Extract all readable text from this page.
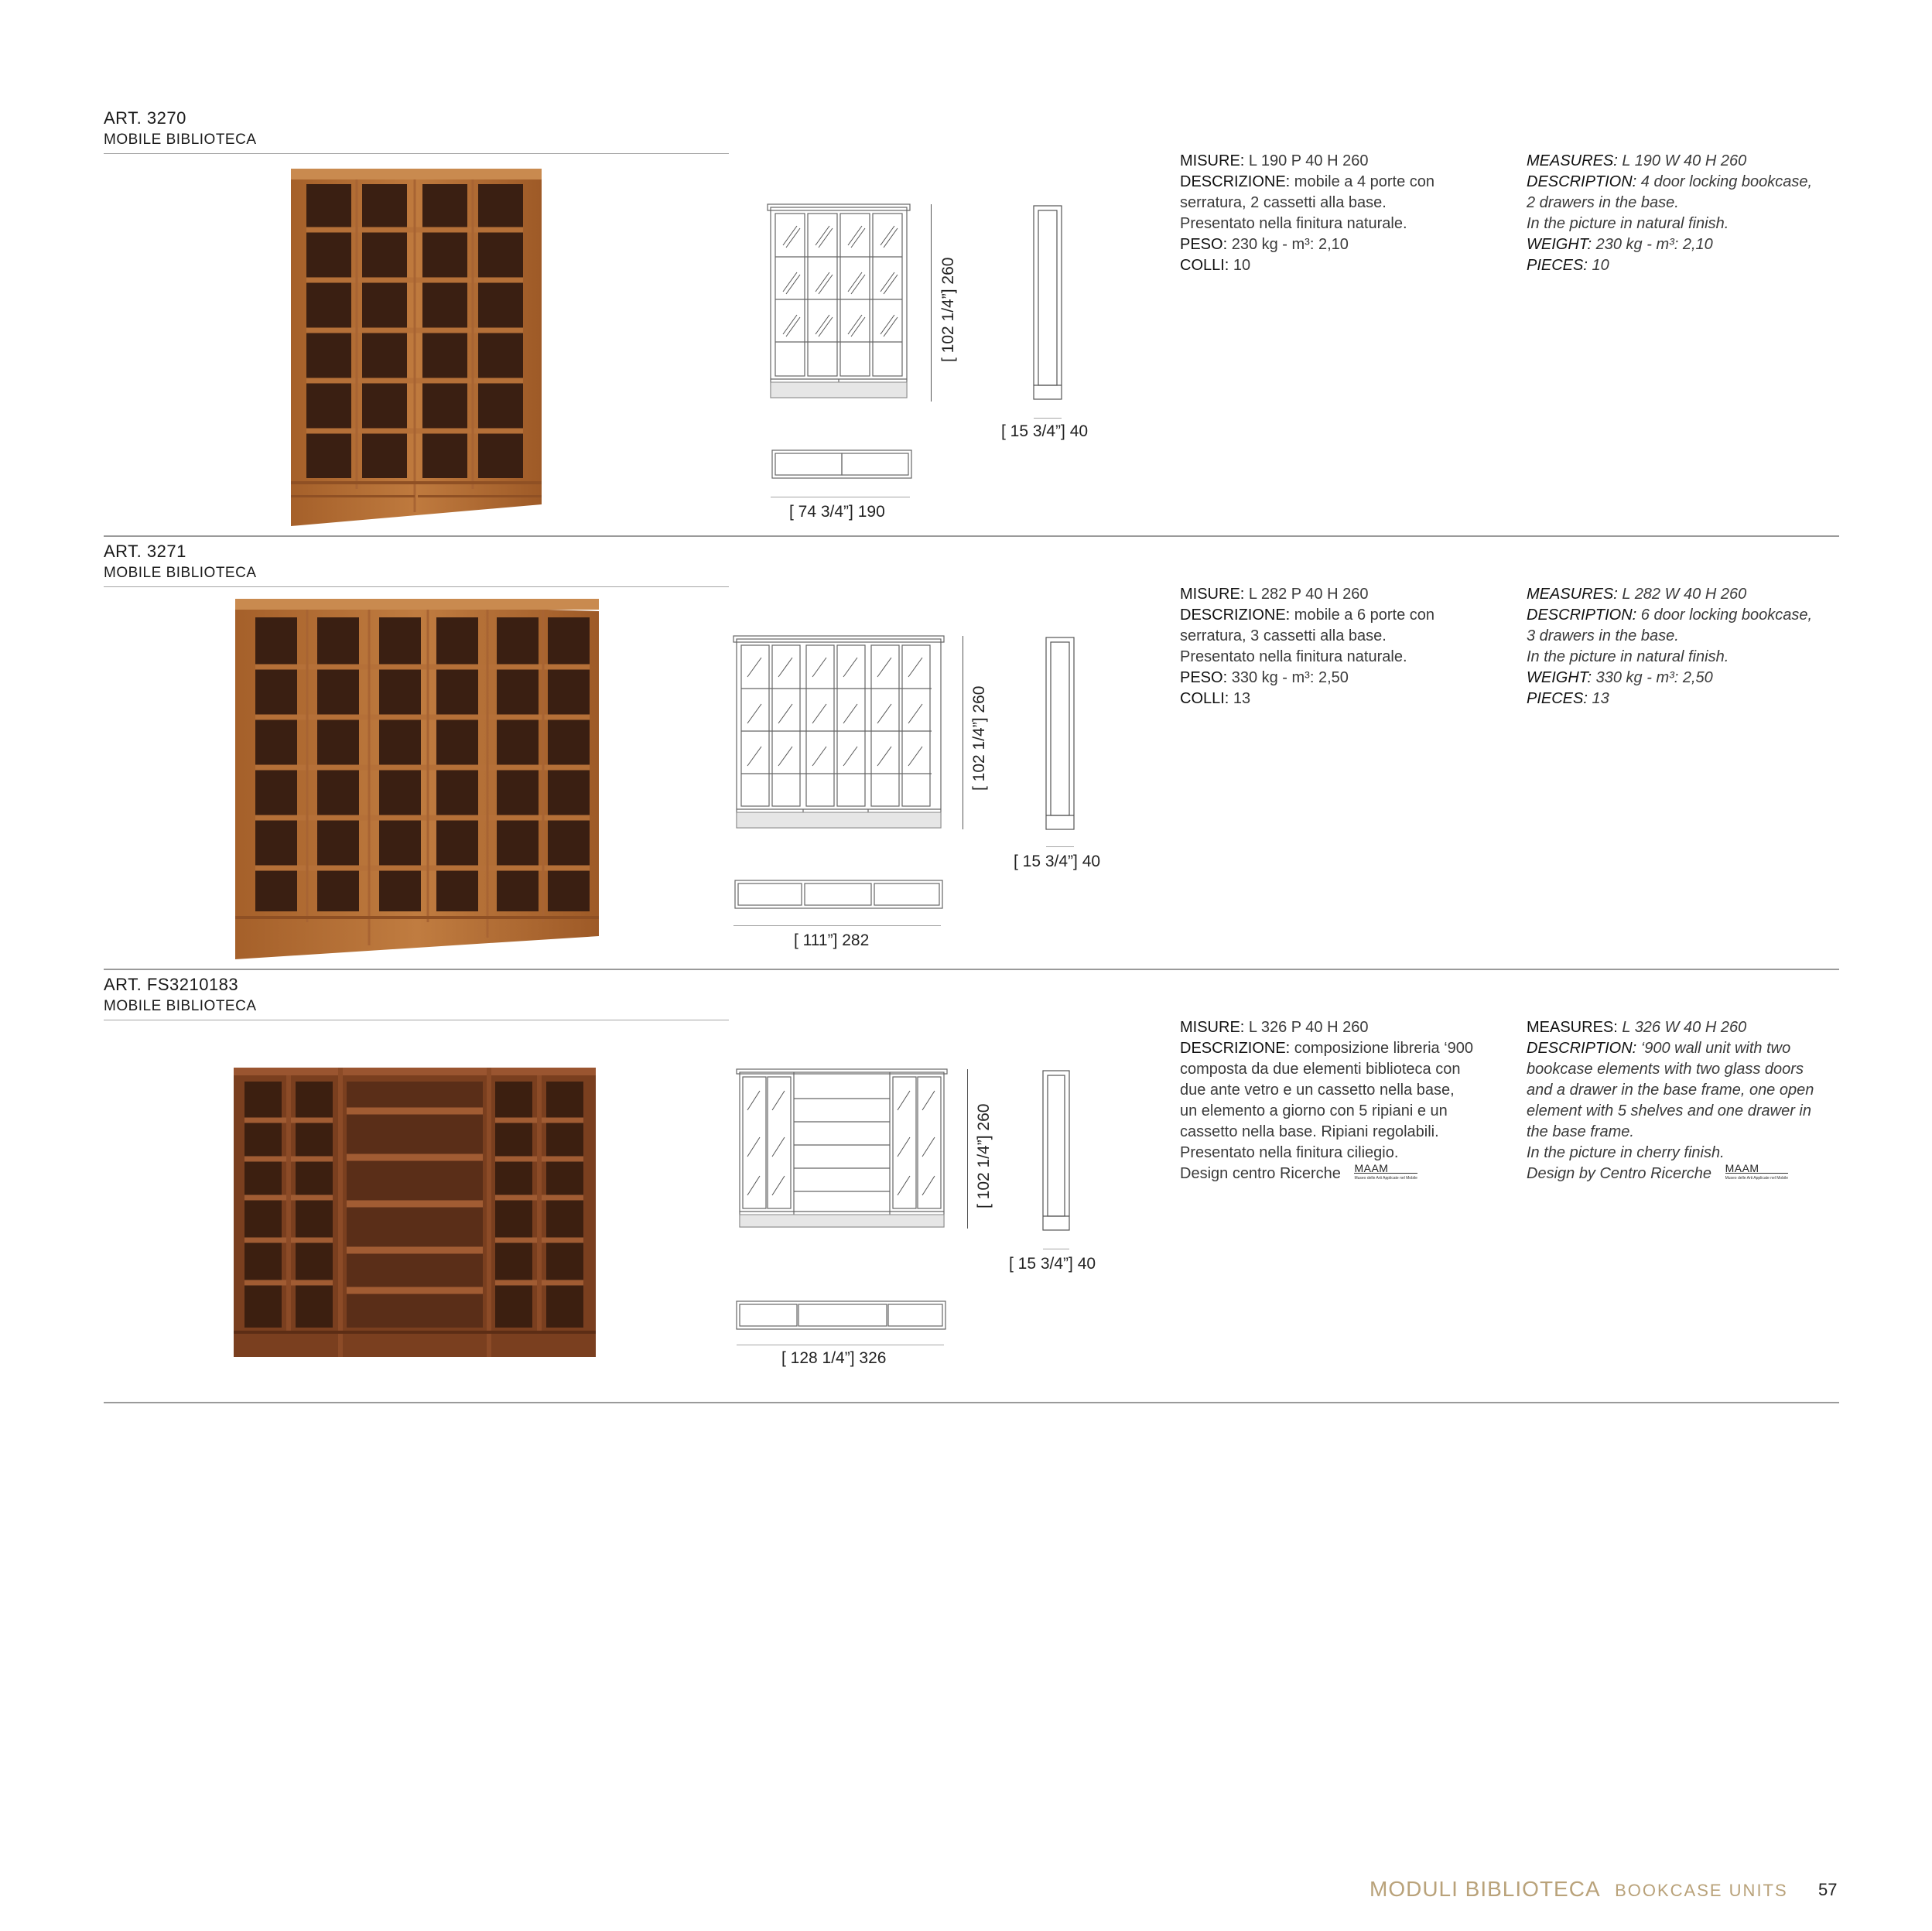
ART. 3270
MOBILE BIBLIOTECA
[ 102 1/4”] 260
[ 15 3/4”] 40
[ 74 3/4”] 190
MISURE: L 190 P 40 H 260
DESCRIZIONE: mobile a 4 porte con
serratura, 2 cassetti alla base.
Presentato nella finitura naturale.
PESO: 230 kg - m³: 2,10
COLLI: 10
MEASURES: L 190 W 40 H 260
DESCRIPTION: 4 door locking bookcase,
2 drawers in the base.
In the picture in natural finish.
WEIGHT: 230 kg - m³: 2,10
PIECES: 10
ART. 3271
MOBILE BIBLIOTECA
[ 102 1/4”] 260
[ 15 3/4”] 40
[ 111”] 282
MISURE: L 282 P 40 H 260
DESCRIZIONE: mobile a 6 porte con
serratura, 3 cassetti alla base.
Presentato nella finitura naturale.
PESO: 330 kg - m³: 2,50
COLLI: 13
MEASURES: L 282 W 40 H 260
DESCRIPTION: 6 door locking bookcase,
3 drawers in the base.
In the picture in natural finish.
WEIGHT: 330 kg - m³: 2,50
PIECES: 13
ART. FS3210183
MOBILE BIBLIOTECA
[ 102 1/4”] 260
[ 15 3/4”] 40
[ 128 1/4”] 326
MISURE: L 326 P 40 H 260
DESCRIZIONE: composizione libreria ‘900
composta da due elementi biblioteca con
due ante vetro e un cassetto nella base,
un elemento a giorno con 5 ripiani e un
cassetto nella base. Ripiani regolabili.
Presentato nella finitura ciliegio.
Design centro Ricerche MAAM
Museo delle Arti Applicate nel Mobile
MEASURES: L 326 W 40 H 260
DESCRIPTION: ‘900 wall unit with two
bookcase elements with two glass doors
and a drawer in the base frame, one open
element with 5 shelves and one drawer in
the base frame.
In the picture in cherry finish.
Design by Centro Ricerche MAAM
Museo delle Arti Applicate nel Mobile
MODULI BIBLIOTECA BOOKCASE UNITS 57
